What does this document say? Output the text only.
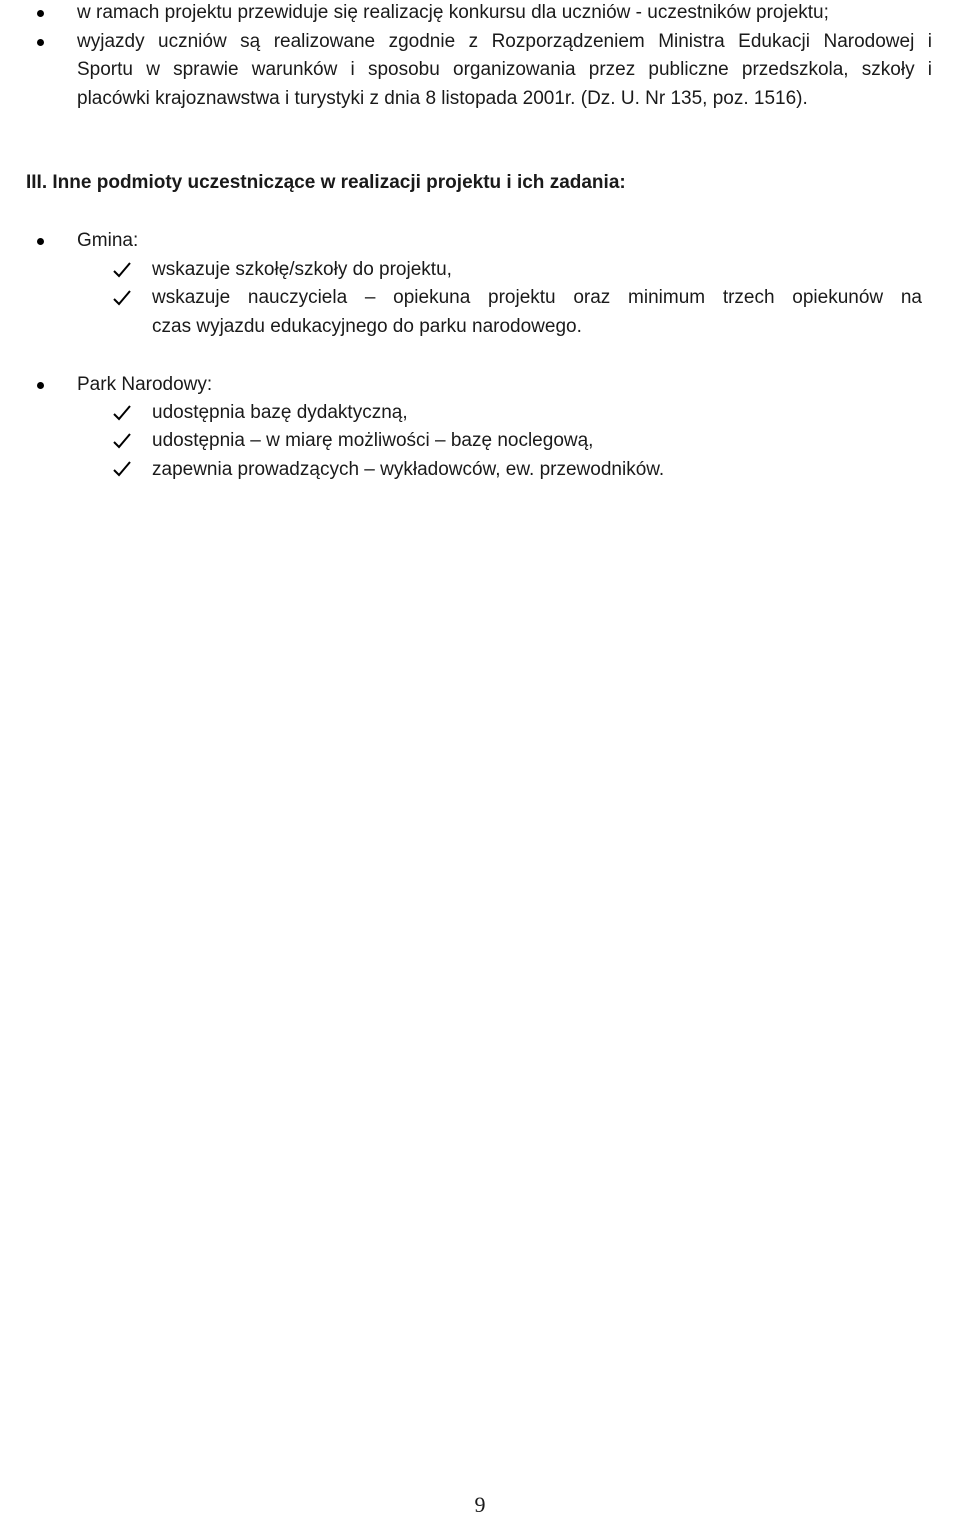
w ramach projektu przewiduje się realizację konkursu dla uczniów - uczestników projektu;
wyjazdy uczniów są realizowane zgodnie z Rozporządzeniem Ministra Edukacji Narodowej i
Sportu w sprawie warunków i sposobu organizowania przez publiczne przedszkola, szkoły i
placówki krajoznawstwa i turystyki z dnia 8 listopada 2001r. (Dz. U. Nr 135, poz. 1516).
III. Inne podmioty uczestniczące w realizacji projektu i ich zadania:
Gmina:
wskazuje szkołę/szkoły do projektu,
wskazuje nauczyciela – opiekuna projektu oraz minimum trzech opiekunów na
czas wyjazdu edukacyjnego do parku narodowego.
Park Narodowy:
udostępnia bazę dydaktyczną,
udostępnia – w miarę możliwości – bazę noclegową,
zapewnia prowadzących – wykładowców, ew. przewodników.
9
